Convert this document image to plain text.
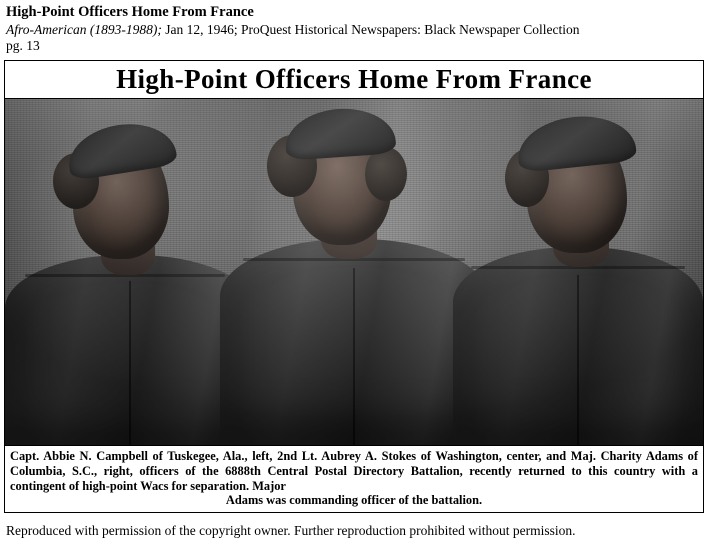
High-Point Officers Home From France

Afro-American (1893-1988); Jan 12, 1946; ProQuest Historical Newspapers: Black Newspaper Collection

pg. 13

High-Point Officers Home From France
Capt. Abbie N. Campbell of Tuskegee, Ala., left, 2nd Lt. Aubrey A. Stokes of Washington, center, and Maj. Charity Adams of Columbia, S.C., right, officers of the 6888th Central Postal Directory Battalion, recently returned to this country with a contingent of high-point Wacs for separation. Major
Adams was commanding officer of the battalion.
Reproduced with permission of the copyright owner. Further reproduction prohibited without permission.
